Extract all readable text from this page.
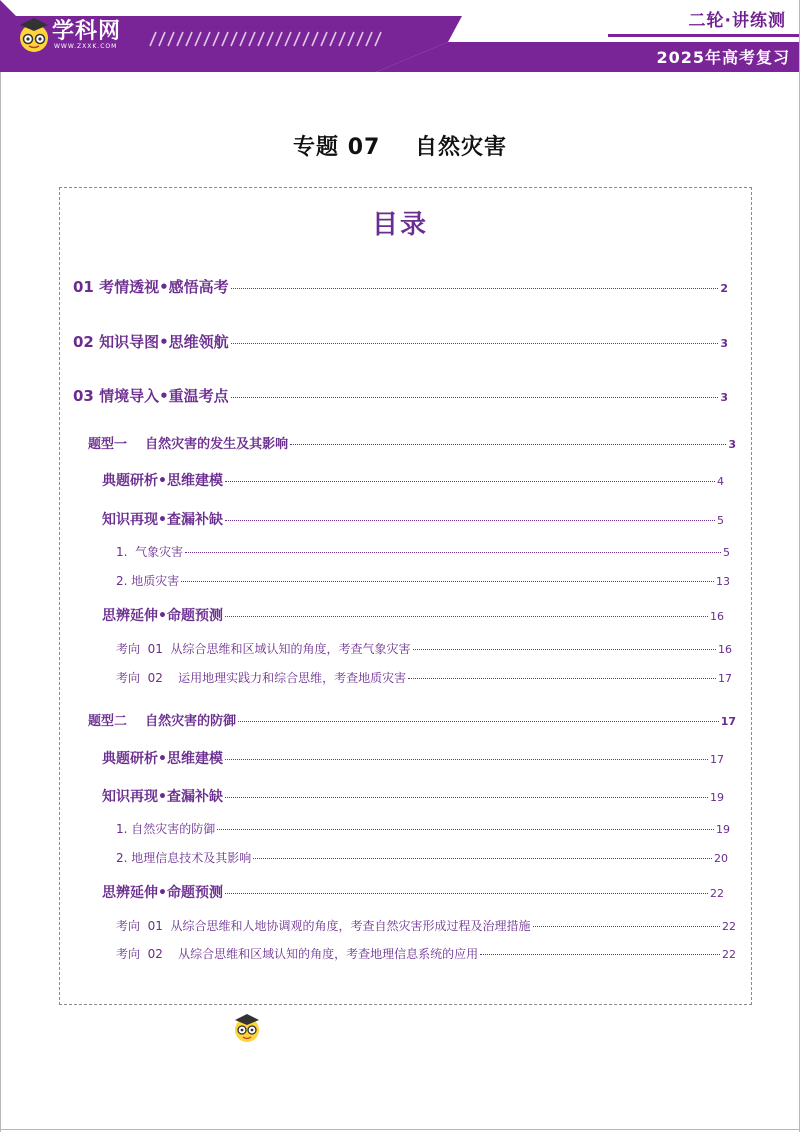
学科网
WWW.ZXXK.COM
二轮·讲练测
2025年高考复习
专题 07    自然灾害
目录
01 考情透视•感悟高考	2
02 知识导图•思维领航	3
03 情境导入•重温考点	3
题型一    自然灾害的发生及其影响	3
典题研析•思维建模	4
知识再现•查漏补缺	5
1.  气象灾害	5
2. 地质灾害	13
思辨延伸•命题预测	16
考向  01  从综合思维和区域认知的角度，考查气象灾害	16
考向  02    运用地理实践力和综合思维，考查地质灾害	17
题型二    自然灾害的防御	17
典题研析•思维建模	17
知识再现•查漏补缺	19
1. 自然灾害的防御	19
2. 地理信息技术及其影响	20
思辨延伸•命题预测	22
考向  01  从综合思维和人地协调观的角度，考查自然灾害形成过程及治理措施	22
考向  02    从综合思维和区域认知的角度，考查地理信息系统的应用	22
